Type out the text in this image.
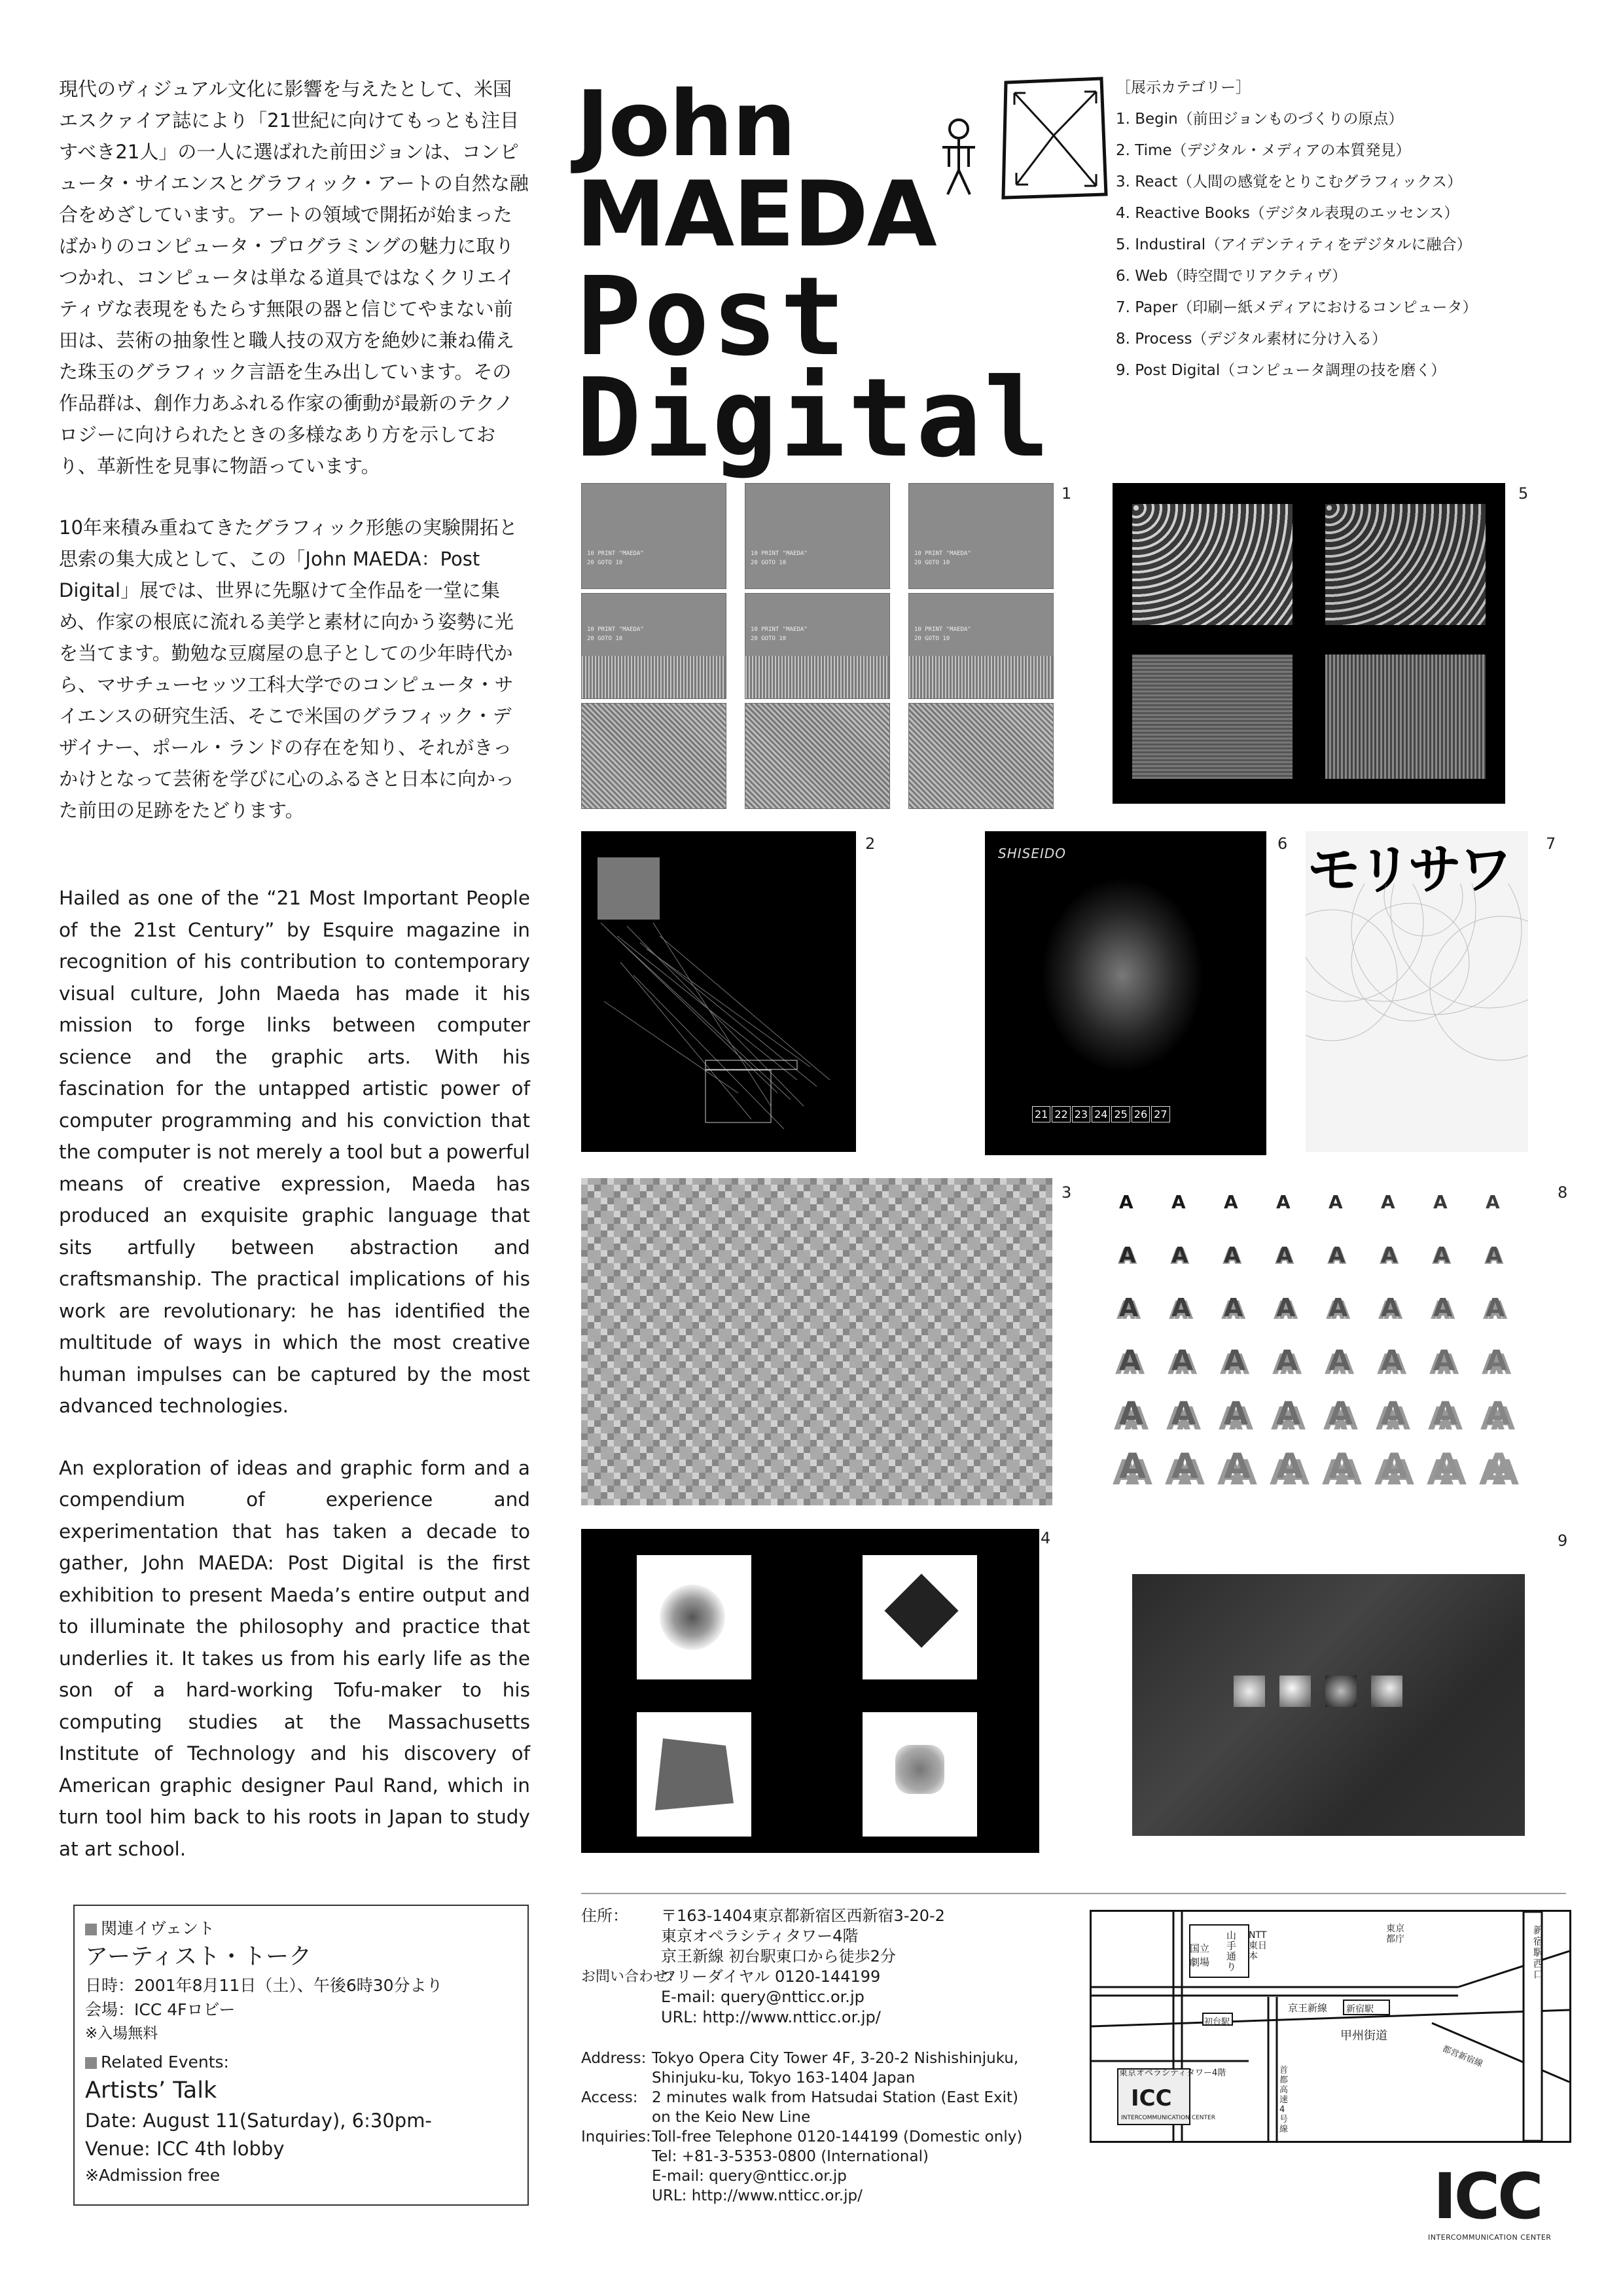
現代のヴィジュアル文化に影響を与えたとして、米国エスクァイア誌により「21世紀に向けてもっとも注目すべき21人」の一人に選ばれた前田ジョンは、コンピュータ・サイエンスとグラフィック・アートの自然な融合をめざしています。アートの領域で開拓が始まったばかりのコンピュータ・プログラミングの魅力に取りつかれ、コンピュータは単なる道具ではなくクリエイティヴな表現をもたらす無限の器と信じてやまない前田は、芸術の抽象性と職人技の双方を絶妙に兼ね備えた珠玉のグラフィック言語を生み出しています。その作品群は、創作力あふれる作家の衝動が最新のテクノロジーに向けられたときの多様なあり方を示しており、革新性を見事に物語っています。

10年来積み重ねてきたグラフィック形態の実験開拓と思索の集大成として、この「John MAEDA：Post Digital」展では、世界に先駆けて全作品を一堂に集め、作家の根底に流れる美学と素材に向かう姿勢に光を当てます。勤勉な豆腐屋の息子としての少年時代から、マサチューセッツ工科大学でのコンピュータ・サイエンスの研究生活、そこで米国のグラフィック・デザイナー、ポール・ランドの存在を知り、それがきっかけとなって芸術を学びに心のふるさと日本に向かった前田の足跡をたどります。

Hailed as one of the “21 Most Important People of the 21st Century” by Esquire magazine in recognition of his contribution to contemporary visual culture, John Maeda has made it his mission to forge links between computer science and the graphic arts. With his fascination for the untapped artistic power of computer programming and his conviction that the computer is not merely a tool but a powerful means of creative expression, Maeda has produced an exquisite graphic language that sits artfully between abstraction and craftsmanship. The practical implications of his work are revolutionary: he has identified the multitude of ways in which the most creative human impulses can be captured by the most advanced technologies.

An exploration of ideas and graphic form and a compendium of experience and experimentation that has taken a decade to gather, John MAEDA: Post Digital is the first exhibition to present Maeda’s entire output and to illuminate the philosophy and practice that underlies it. It takes us from his early life as the son of a hard-working Tofu-maker to his computing studies at the Massachusetts Institute of Technology and his discovery of American graphic designer Paul Rand, which in turn tool him back to his roots in Japan to study at art school.

John
MAEDA
Post
Digital
［展示カテゴリー］
1. Begin（前田ジョンものづくりの原点）
2. Time（デジタル・メディアの本質発見）
3. React（人間の感覚をとりこむグラフィックス）
4. Reactive Books（デジタル表現のエッセンス）
5. Industiral（アイデンティティをデジタルに融合）
6. Web（時空間でリアクティヴ）
7. Paper（印刷ー紙メディアにおけるコンピュータ）
8. Process（デジタル素材に分け入る）
9. Post Digital（コンピュータ調理の技を磨く）
10 PRINT "MAEDA"
20 GOTO 10
10 PRINT "MAEDA"
20 GOTO 10
10 PRINT "MAEDA"
20 GOTO 10
10 PRINT "MAEDA"
20 GOTO 10
10 PRINT "MAEDA"
20 GOTO 10
10 PRINT "MAEDA"
20 GOTO 10
1	5
2
SHISEIDO
21 22 23 24 25 26 27
6 モリサワ 7
3	A A A A A A A A
A A A A A A A A
A A A A A A A A
A A A A A A A A
A A A A A A A A
A A A A A A A A
8
4	9
関連イヴェント
アーティスト・トーク
日時：2001年8月11日（土）、午後6時30分より
会場：ICC 4Fロビー
※入場無料
Related Events:
Artists’ Talk
Date: August 11(Saturday), 6:30pm-
Venue: ICC 4th lobby
※Admission free
住所： 〒163-1404東京都新宿区西新宿3-20-2
東京オペラシティタワー4階
京王新線 初台駅東口から徒歩2分
お問い合わせ：
フリーダイヤル 0120-144199
E-mail: query@ntticc.or.jp
URL: http://www.ntticc.or.jp/
Address: Tokyo Opera City Tower 4F, 3-20-2 Nishishinjuku,
Shinjuku-ku, Tokyo 163-1404 Japan
Access: 2 minutes walk from Hatsudai Station (East Exit)
on the Keio New Line
Inquiries: Toll-free Telephone 0120-144199 (Domestic only)
Tel: +81-3-5353-0800 (International)
E-mail: query@ntticc.or.jp
URL: http://www.ntticc.or.jp/
東京都庁
国立劇場
山手通り
NTT東日本
初台駅
京王新線 新宿駅
甲州街道
新宿駅西口
都営新宿線
首都高速4号線
東京オペラシティタワー4階
ICC
INTERCOMMUNICATION CENTER
ICC
INTERCOMMUNICATION CENTER
